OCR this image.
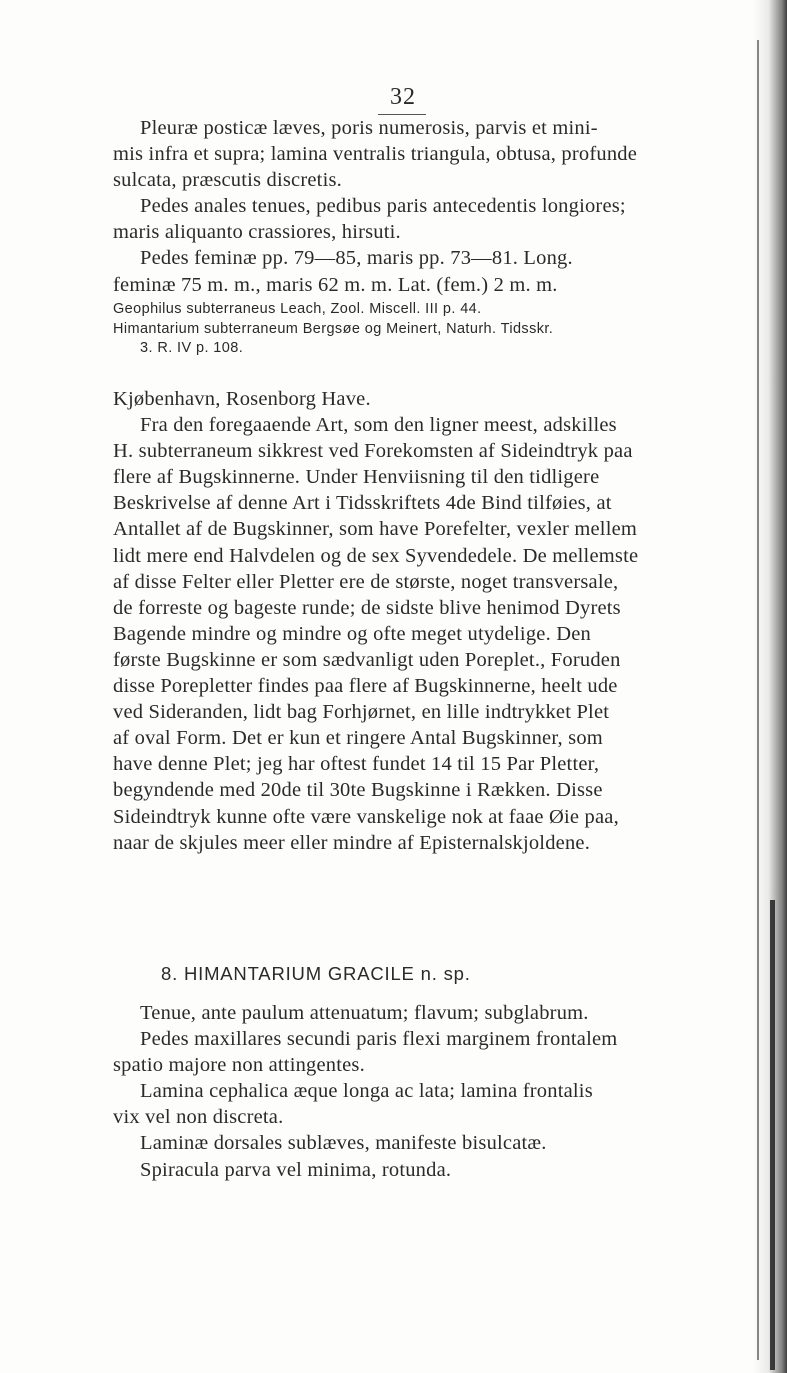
32
Pleuræ posticæ læves, poris numerosis, parvis et mini-
mis infra et supra; lamina ventralis triangula, obtusa, profunde
sulcata, præscutis discretis.
Pedes anales tenues, pedibus paris antecedentis longiores;
maris aliquanto crassiores, hirsuti.
Pedes feminæ pp. 79—85, maris pp. 73—81. Long.
feminæ 75 m. m., maris 62 m. m. Lat. (fem.) 2 m. m.
Geophilus subterraneus Leach, Zool. Miscell. III p. 44.
Himantarium subterraneum Bergsøe og Meinert, Naturh. Tidsskr.
3. R. IV p. 108.
Kjøbenhavn, Rosenborg Have.
Fra den foregaaende Art, som den ligner meest, adskilles
H. subterraneum sikkrest ved Forekomsten af Sideindtryk paa
flere af Bugskinnerne. Under Henviisning til den tidligere
Beskrivelse af denne Art i Tidsskriftets 4de Bind tilføies, at
Antallet af de Bugskinner, som have Porefelter, vexler mellem
lidt mere end Halvdelen og de sex Syvendedele. De mellemste
af disse Felter eller Pletter ere de største, noget transversale,
de forreste og bageste runde; de sidste blive henimod Dyrets
Bagende mindre og mindre og ofte meget utydelige. Den
første Bugskinne er som sædvanligt uden Poreplet., Foruden
disse Porepletter findes paa flere af Bugskinnerne, heelt ude
ved Sideranden, lidt bag Forhjørnet, en lille indtrykket Plet
af oval Form. Det er kun et ringere Antal Bugskinner, som
have denne Plet; jeg har oftest fundet 14 til 15 Par Pletter,
begyndende med 20de til 30te Bugskinne i Rækken. Disse
Sideindtryk kunne ofte være vanskelige nok at faae Øie paa,
naar de skjules meer eller mindre af Episternalskjoldene.
8. HIMANTARIUM GRACILE n. sp.
Tenue, ante paulum attenuatum; flavum; subglabrum.
Pedes maxillares secundi paris flexi marginem frontalem
spatio majore non attingentes.
Lamina cephalica æque longa ac lata; lamina frontalis
vix vel non discreta.
Laminæ dorsales sublæves, manifeste bisulcatæ.
Spiracula parva vel minima, rotunda.
